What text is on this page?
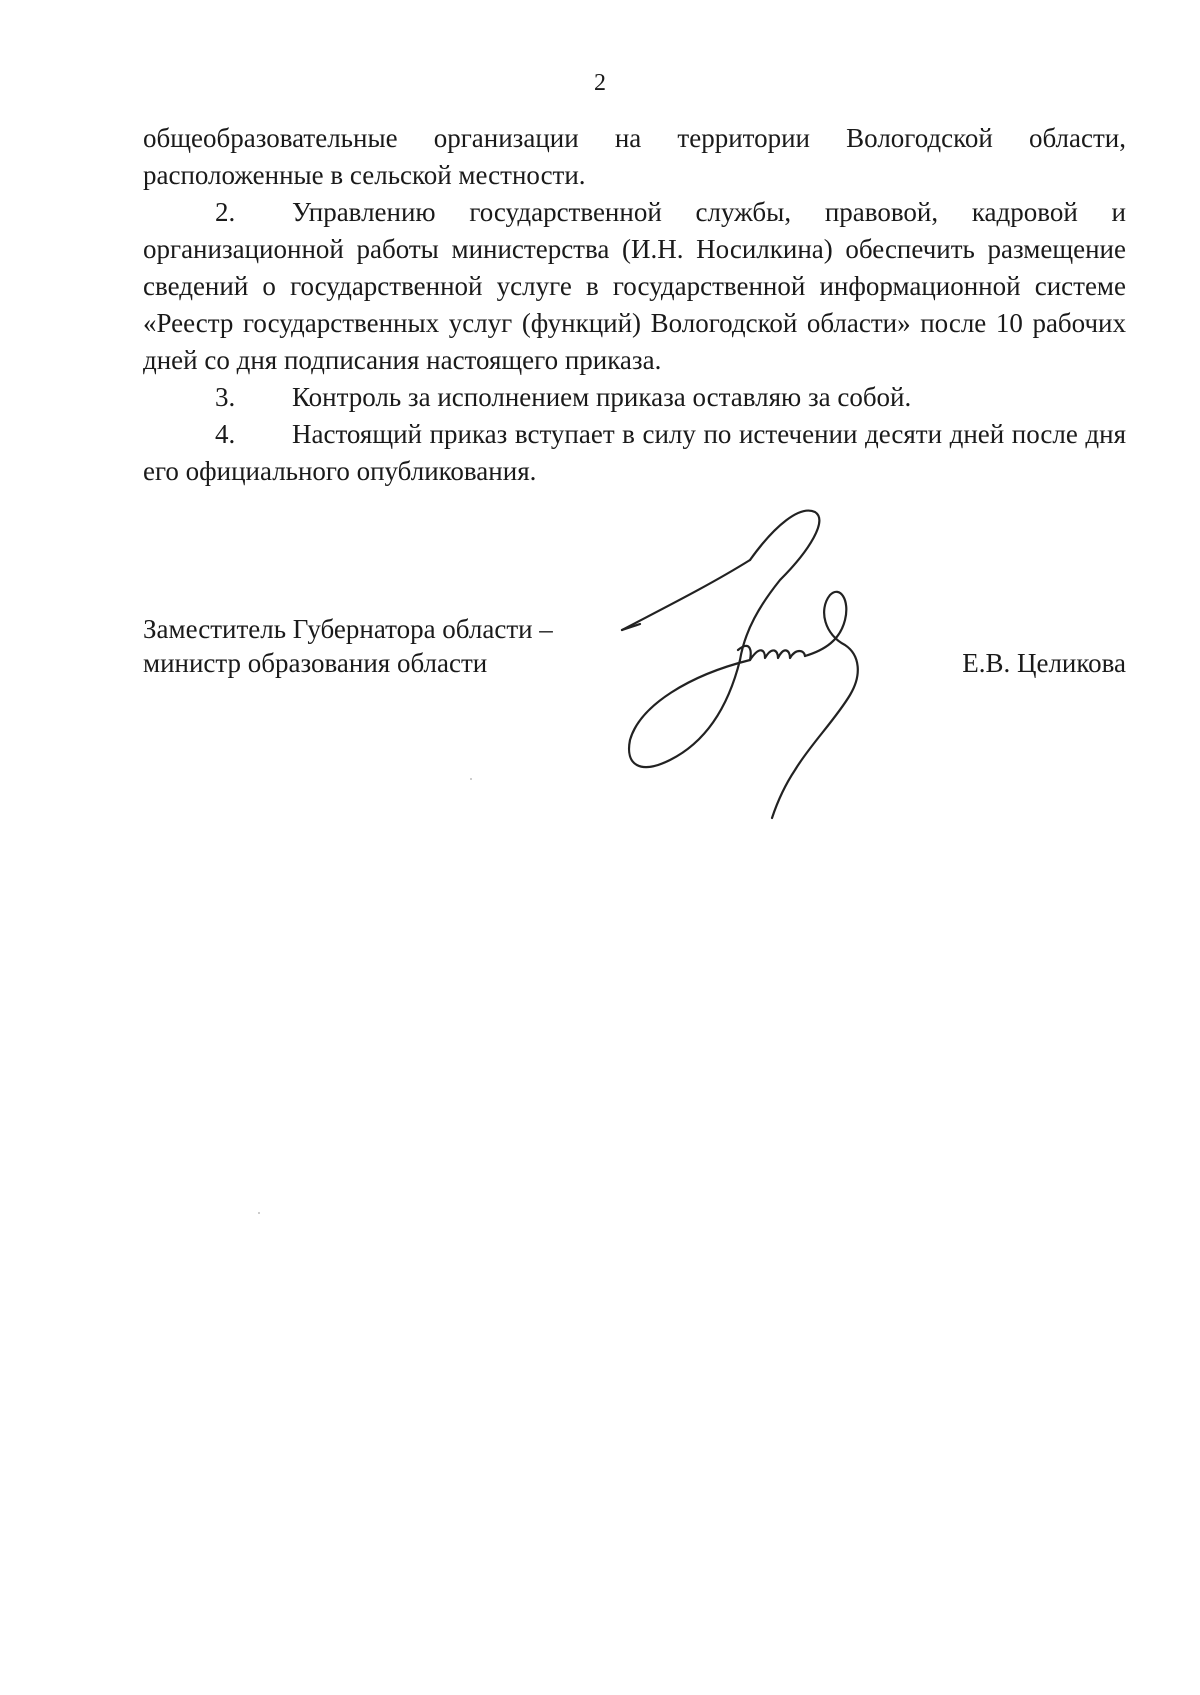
2

общеобразовательные организации на территории Вологодской области,

расположенные в сельской местности.

2. Управлению государственной службы, правовой, кадровой и организационной работы министерства (И.Н. Носилкина) обеспечить размещение сведений о государственной услуге в государственной информационной системе «Реестр государственных услуг (функций) Вологодской области» после 10 рабочих дней со дня подписания настоящего приказа.

3. Контроль за исполнением приказа оставляю за собой.

4. Настоящий приказ вступает в силу по истечении десяти дней после дня его официального опубликования.

Заместитель Губернатора области –
министр образования области	Е.В. Целикова
